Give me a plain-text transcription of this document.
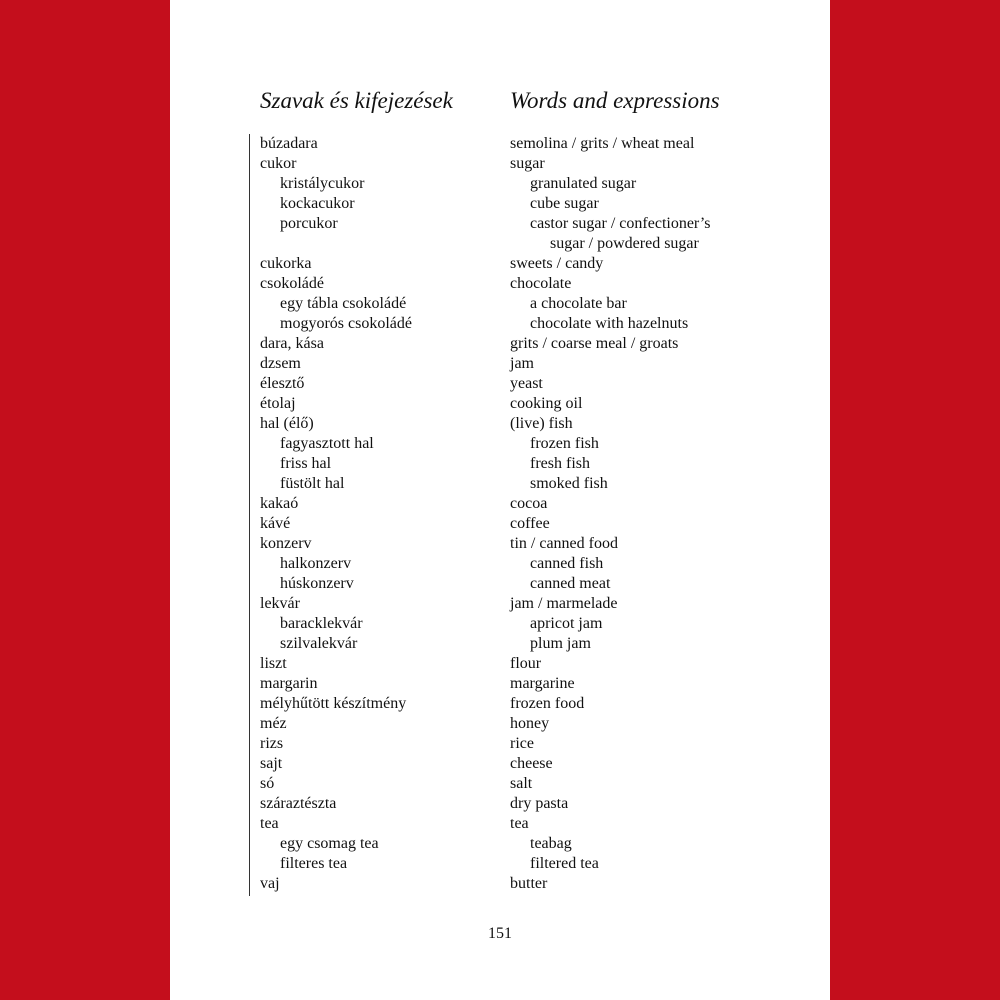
Szavak és kifejezések Words and expressions
búzadara
cukor
kristálycukor
kockacukor
porcukor
cukorka
csokoládé
egy tábla csokoládé
mogyorós csokoládé
dara, kása
dzsem
élesztő
étolaj
hal (élő)
fagyasztott hal
friss hal
füstölt hal
kakaó
kávé
konzerv
halkonzerv
húskonzerv
lekvár
baracklekvár
szilvalekvár
liszt
margarin
mélyhűtött készítmény
méz
rizs
sajt
só
száraztészta
tea
egy csomag tea
filteres tea
vaj
semolina / grits / wheat meal
sugar
granulated sugar
cube sugar
castor sugar / confectioner’s
sugar / powdered sugar
sweets / candy
chocolate
a chocolate bar
chocolate with hazelnuts
grits / coarse meal / groats
jam
yeast
cooking oil
(live) fish
frozen fish
fresh fish
smoked fish
cocoa
coffee
tin / canned food
canned fish
canned meat
jam / marmelade
apricot jam
plum jam
flour
margarine
frozen food
honey
rice
cheese
salt
dry pasta
tea
teabag
filtered tea
butter
151
